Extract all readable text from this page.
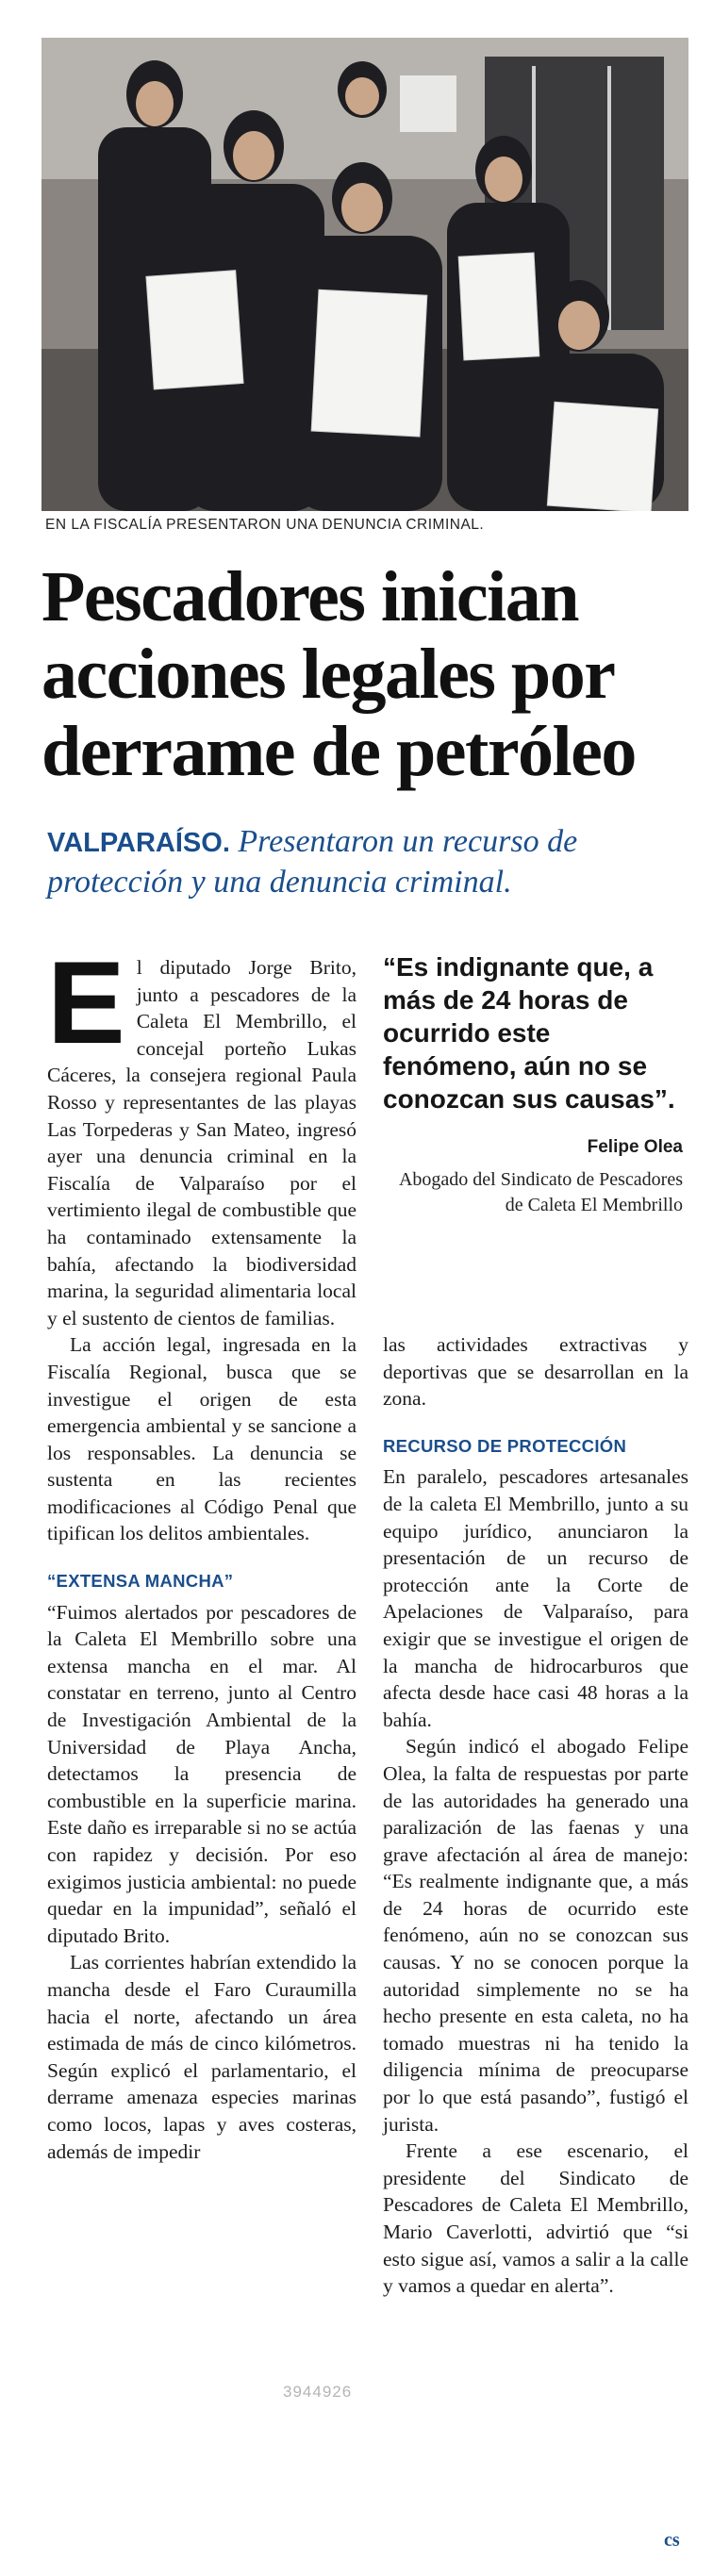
EN LA FISCALÍA PRESENTARON UNA DENUNCIA CRIMINAL.
Pescadores inician
acciones legales por
derrame de petróleo
VALPARAÍSO. Presentaron un recurso de protección y una denuncia criminal.
E l diputado Jorge Brito, junto a pescadores de la Caleta El Membrillo, el concejal porteño Lukas Cáceres, la consejera regional Paula Rosso y representantes de las playas Las Torpederas y San Mateo, ingresó ayer una denuncia criminal en la Fiscalía de Valparaíso por el vertimiento ilegal de combustible que ha contaminado extensamente la bahía, afectando la biodiversidad marina, la seguridad alimentaria local y el sustento de cientos de familias.

La acción legal, ingresada en la Fiscalía Regional, busca que se investigue el origen de esta emergencia ambiental y se sancione a los responsables. La denuncia se sustenta en las recientes modificaciones al Código Penal que tipifican los delitos ambientales.

“EXTENSA MANCHA”

“Fuimos alertados por pescadores de la Caleta El Membrillo sobre una extensa mancha en el mar. Al constatar en terreno, junto al Centro de Investigación Ambiental de la Universidad de Playa Ancha, detectamos la presencia de combustible en la superficie marina. Este daño es irreparable si no se actúa con rapidez y decisión. Por eso exigimos justicia ambiental: no puede quedar en la impunidad”, señaló el diputado Brito.

Las corrientes habrían extendido la mancha desde el Faro Curaumilla hacia el norte, afectando un área estimada de más de cinco kilómetros. Según explicó el parlamentario, el derrame amenaza especies marinas como locos, lapas y aves costeras, además de impedir

“Es indignante que, a más de 24 horas de ocurrido este fenómeno, aún no se conozcan sus causas”.
Felipe Olea
Abogado del Sindicato de Pescadores de Caleta El Membrillo

las actividades extractivas y deportivas que se desarrollan en la zona.

RECURSO DE PROTECCIÓN

En paralelo, pescadores artesanales de la caleta El Membrillo, junto a su equipo jurídico, anunciaron la presentación de un recurso de protección ante la Corte de Apelaciones de Valparaíso, para exigir que se investigue el origen de la mancha de hidrocarburos que afecta desde hace casi 48 horas a la bahía.

Según indicó el abogado Felipe Olea, la falta de respuestas por parte de las autoridades ha generado una paralización de las faenas y una grave afectación al área de manejo: “Es realmente indignante que, a más de 24 horas de ocurrido este fenómeno, aún no se conozcan sus causas. Y no se conocen porque la autoridad simplemente no se ha hecho presente en esta caleta, no ha tomado muestras ni ha tenido la diligencia mínima de preocuparse por lo que está pasando”, fustigó el jurista.

Frente a ese escenario, el presidente del Sindicato de Pescadores de Caleta El Membrillo, Mario Caverlotti, advirtió que “si esto sigue así, vamos a salir a la calle y vamos a quedar en alerta”.

3944926
cs
